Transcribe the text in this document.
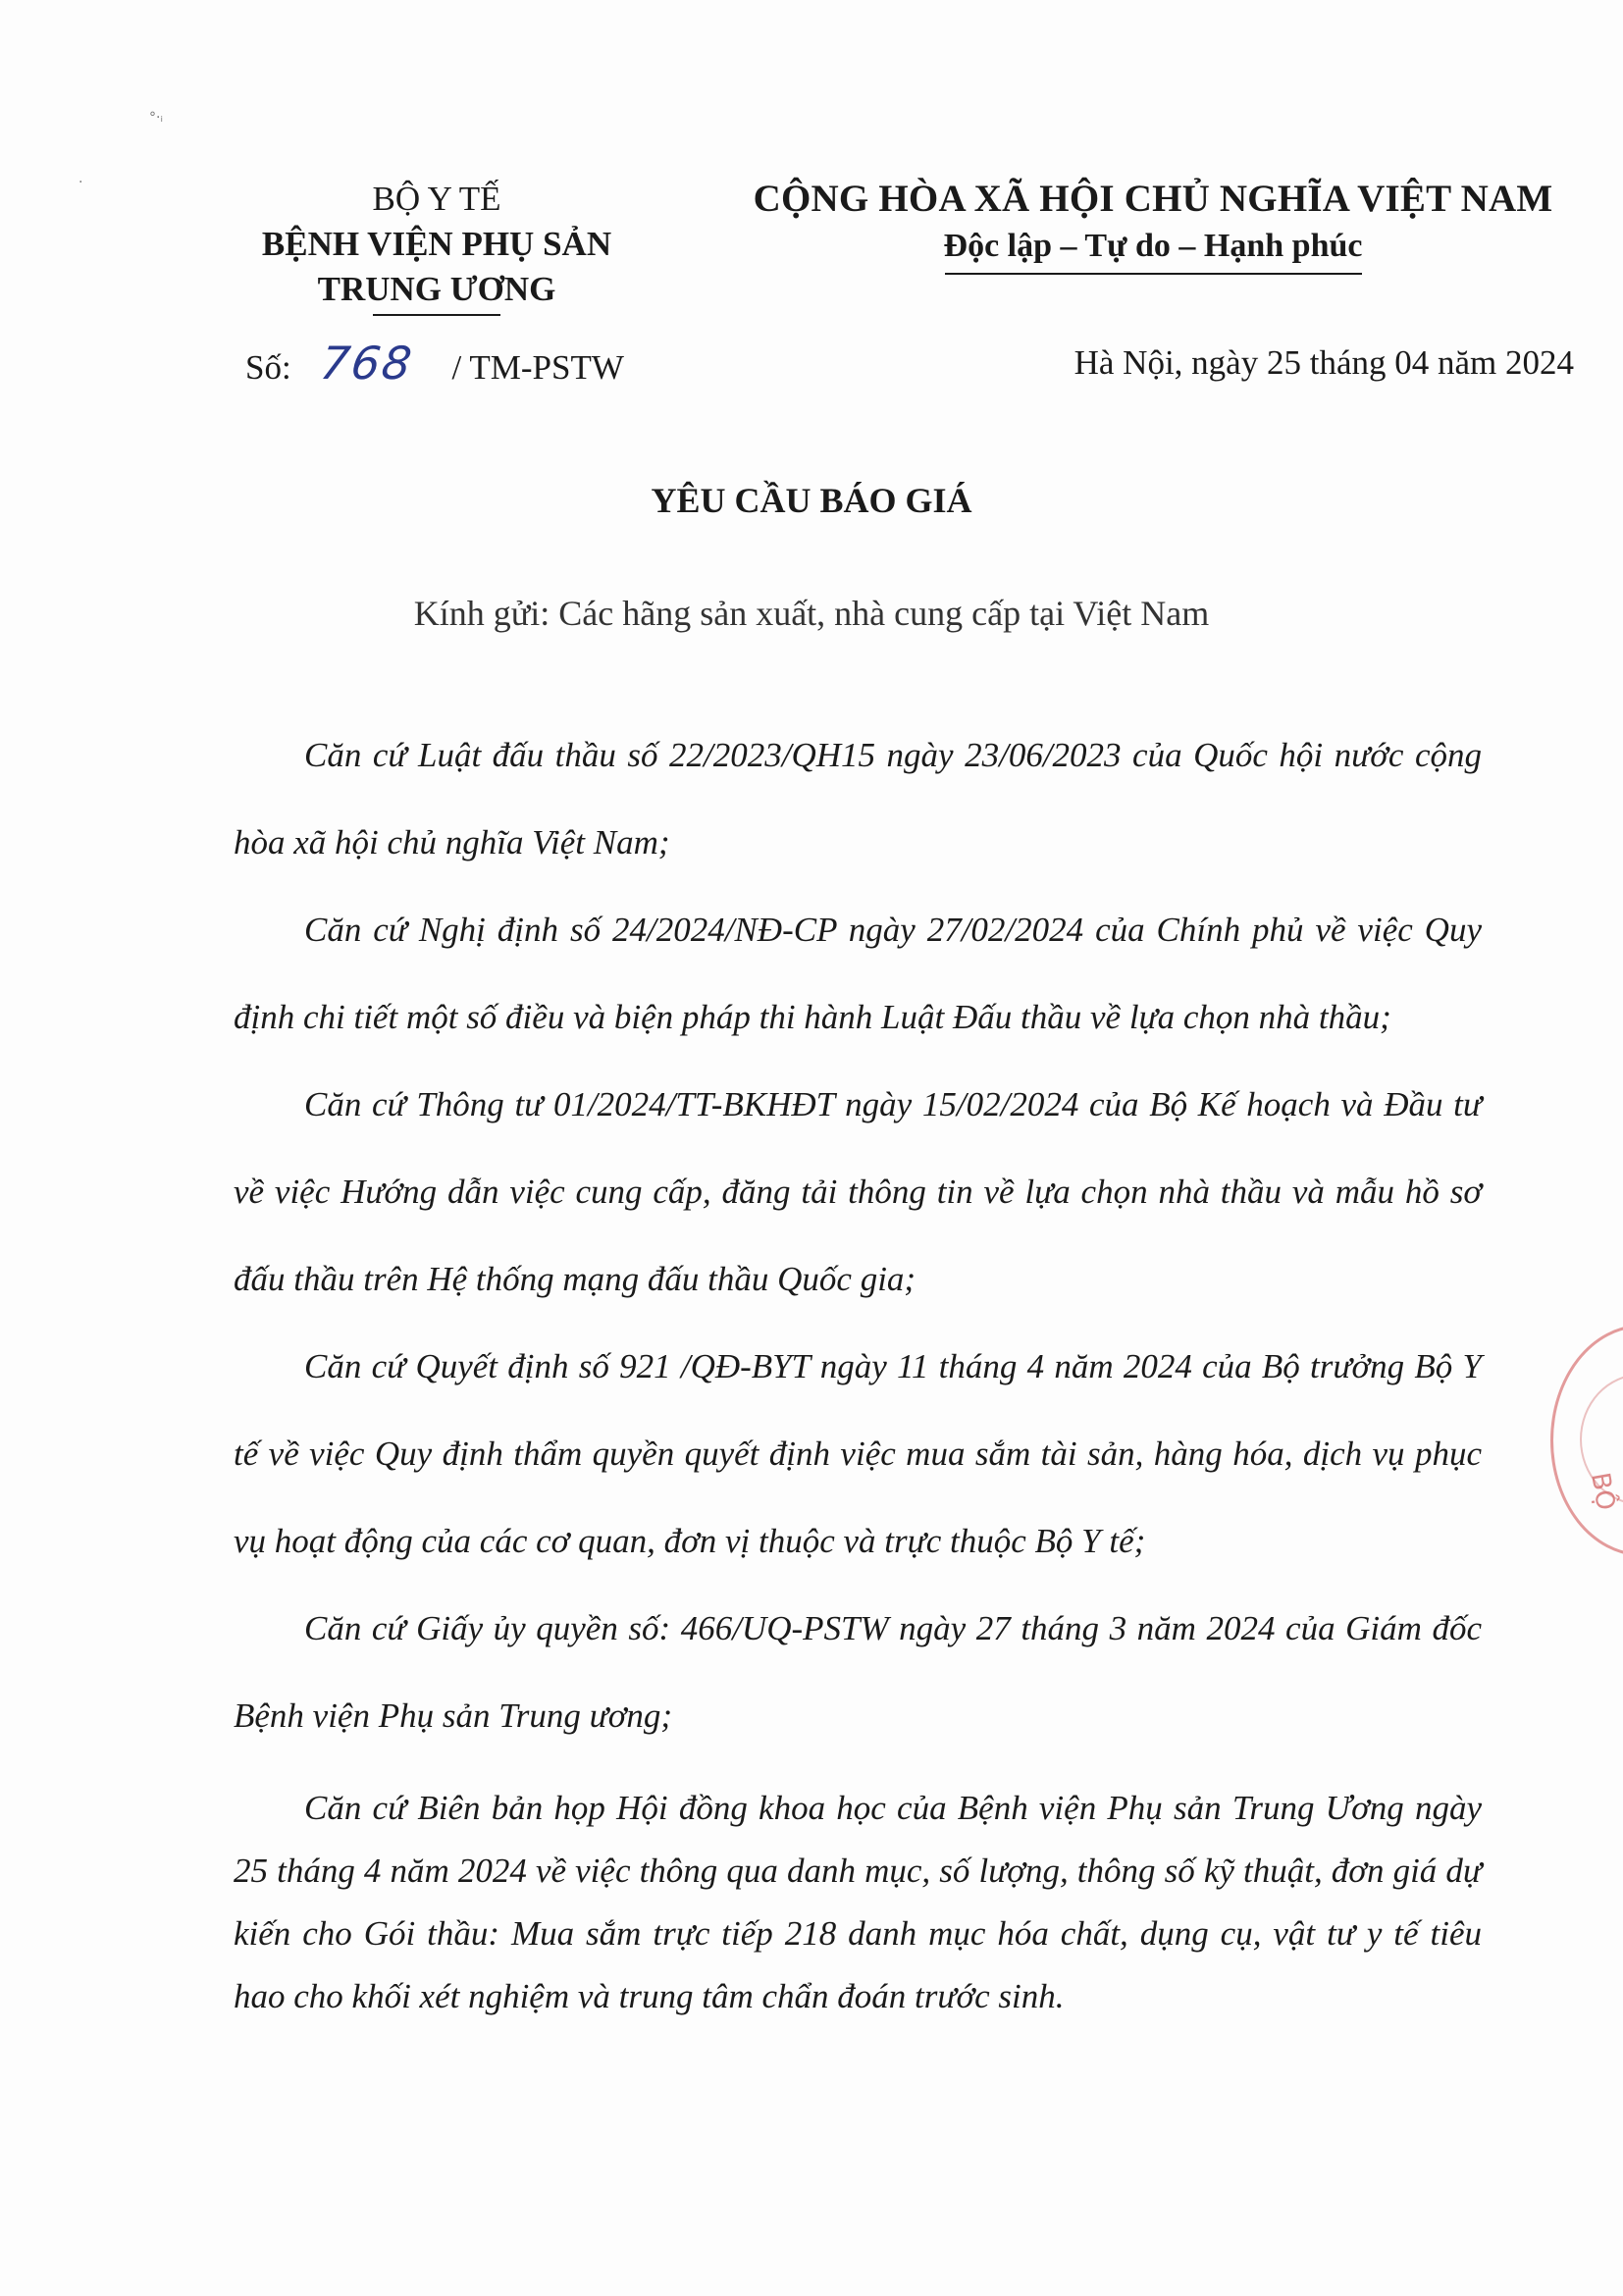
°·ᵢ
·	BỘ Y TẾ
BỆNH VIỆN PHỤ SẢN
TRUNG ƯƠNG
CỘNG HÒA XÃ HỘI CHỦ NGHĨA VIỆT NAM
Độc lập – Tự do – Hạnh phúc
Số: 768 / TM-PSTW	Hà Nội, ngày 25 tháng 04 năm 2024
YÊU CẦU BÁO GIÁ
Kính gửi: Các hãng sản xuất, nhà cung cấp tại Việt Nam

Căn cứ Luật đấu thầu số 22/2023/QH15 ngày 23/06/2023 của Quốc hội nước cộng hòa xã hội chủ nghĩa Việt Nam;

Căn cứ Nghị định số 24/2024/NĐ-CP ngày 27/02/2024 của Chính phủ về việc Quy định chi tiết một số điều và biện pháp thi hành Luật Đấu thầu về lựa chọn nhà thầu;

Căn cứ Thông tư 01/2024/TT-BKHĐT ngày 15/02/2024 của Bộ Kế hoạch và Đầu tư về việc Hướng dẫn việc cung cấp, đăng tải thông tin về lựa chọn nhà thầu và mẫu hồ sơ đấu thầu trên Hệ thống mạng đấu thầu Quốc gia;

Căn cứ Quyết định số 921 /QĐ-BYT ngày 11 tháng 4 năm 2024 của Bộ trưởng Bộ Y tế về việc Quy định thẩm quyền quyết định việc mua sắm tài sản, hàng hóa, dịch vụ phục vụ hoạt động của các cơ quan, đơn vị thuộc và trực thuộc Bộ Y tế;

Căn cứ Giấy ủy quyền số: 466/UQ-PSTW ngày 27 tháng 3 năm 2024 của Giám đốc Bệnh viện Phụ sản Trung ương;

Căn cứ Biên bản họp Hội đồng khoa học của Bệnh viện Phụ sản Trung Ương ngày 25 tháng 4 năm 2024 về việc thông qua danh mục, số lượng, thông số kỹ thuật, đơn giá dự kiến cho Gói thầu: Mua sắm trực tiếp 218 danh mục hóa chất, dụng cụ, vật tư y tế tiêu hao cho khối xét nghiệm và trung tâm chẩn đoán trước sinh.

BỘ
